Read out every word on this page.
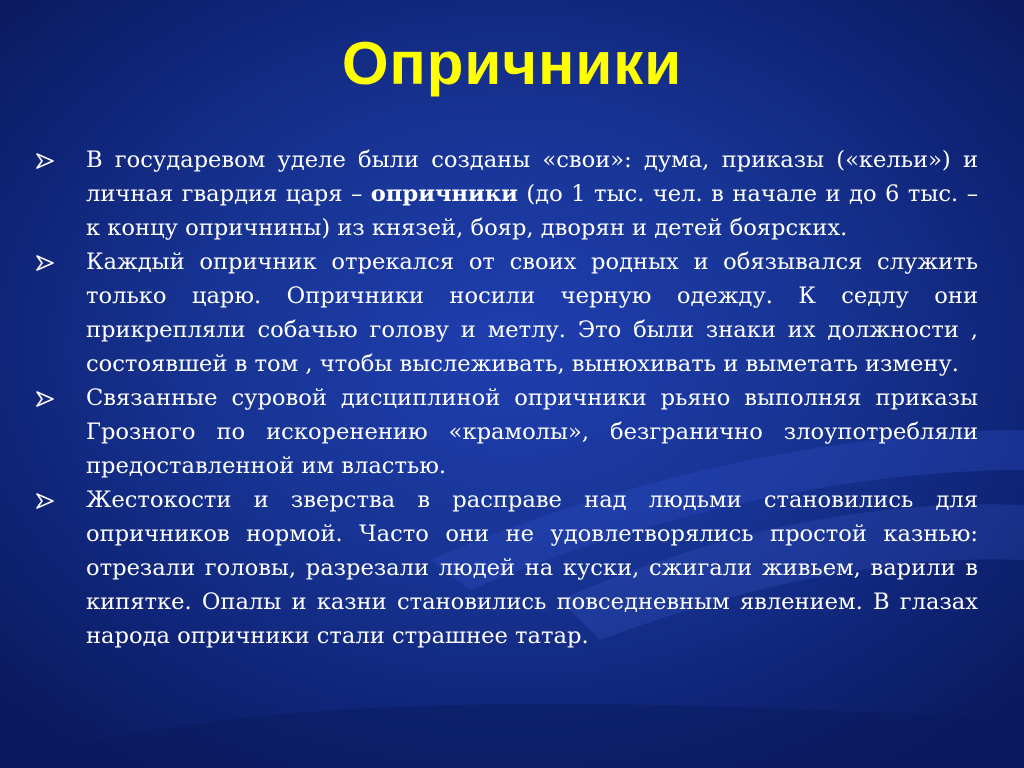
Опричники
В государевом уделе были созданы «свои»: дума, приказы («кельи») и личная гвардия царя – опричники (до 1 тыс. чел. в начале и до 6 тыс. – к концу опричнины) из князей, бояр, дворян и детей боярских.
Каждый опричник отрекался от своих родных и обязывался служить только царю. Опричники носили черную одежду. К седлу они прикрепляли собачью голову и метлу. Это были знаки их должности , состоявшей в том , чтобы выслеживать, вынюхивать и выметать измену.
Связанные суровой дисциплиной опричники рьяно выполняя приказы Грозного по искоренению «крамолы», безгранично злоупотребляли предоставленной им властью.
Жестокости и зверства в расправе над людьми становились для опричников нормой. Часто они не удовлетворялись простой казнью: отрезали головы, разрезали людей на куски, сжигали живьем, варили в кипятке. Опалы и казни становились повседневным явлением. В глазах народа опричники стали страшнее татар.
